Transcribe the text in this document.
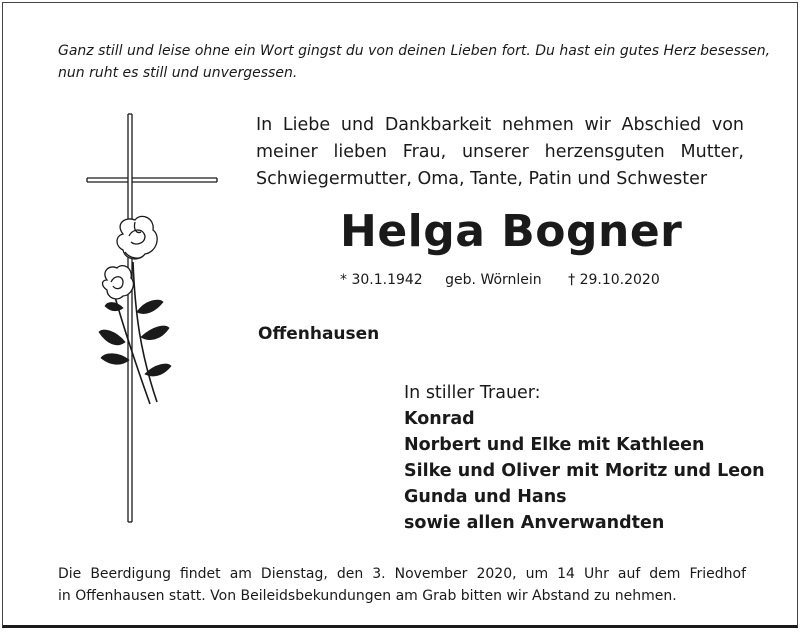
Ganz still und leise ohne ein Wort gingst du von deinen Lieben fort. Du hast ein gutes Herz besessen,
nun ruht es still und unvergessen.
In Liebe und Dankbarkeit nehmen wir Abschied von
meiner lieben Frau, unserer herzensguten Mutter,
Schwiegermutter, Oma, Tante, Patin und Schwester
Helga Bogner
* 30.1.1942 geb. Wörnlein † 29.10.2020
Offenhausen
In stiller Trauer:
Konrad
Norbert und Elke mit Kathleen
Silke und Oliver mit Moritz und Leon
Gunda und Hans
sowie allen Anverwandten
Die Beerdigung findet am Dienstag, den 3. November 2020, um 14 Uhr auf dem Friedhof
in Offenhausen statt. Von Beileidsbekundungen am Grab bitten wir Abstand zu nehmen.
